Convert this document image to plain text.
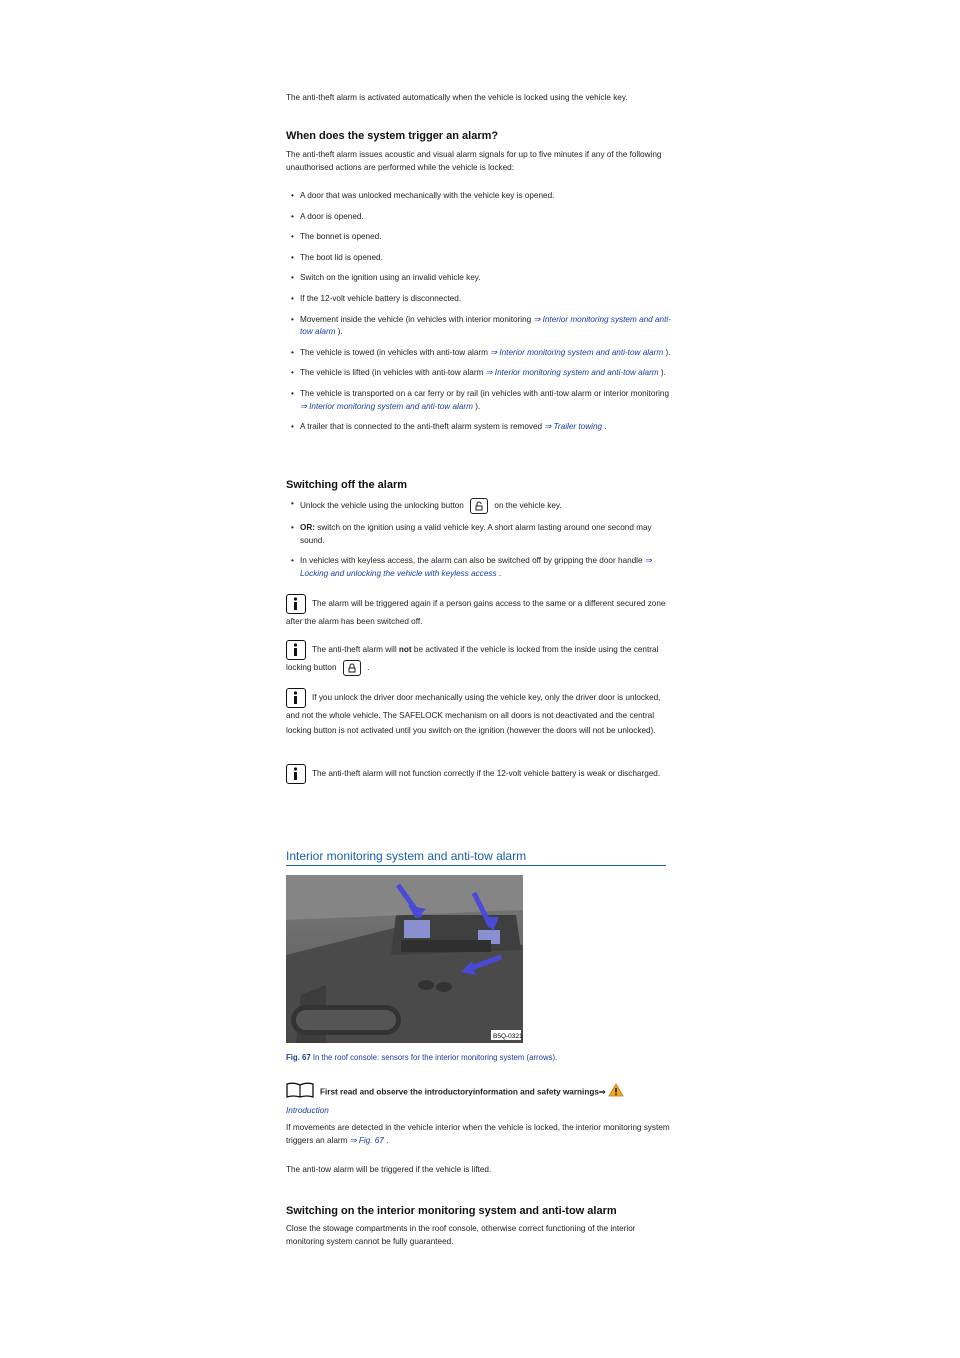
The anti-theft alarm is activated automatically when the vehicle is locked using the vehicle key.

When does the system trigger an alarm?

The anti-theft alarm issues acoustic and visual alarm signals for up to five minutes if any of the following unauthorised actions are performed while the vehicle is locked:

• A door that was unlocked mechanically with the vehicle key is opened.
• A door is opened.
• The bonnet is opened.
• The boot lid is opened.
• Switch on the ignition using an invalid vehicle key.
• If the 12-volt vehicle battery is disconnected.
• Movement inside the vehicle (in vehicles with interior monitoring ⇒ Interior monitoring system and anti-tow alarm ).
• The vehicle is towed (in vehicles with anti-tow alarm ⇒ Interior monitoring system and anti-tow alarm ).
• The vehicle is lifted (in vehicles with anti-tow alarm ⇒ Interior monitoring system and anti-tow alarm ).
• The vehicle is transported on a car ferry or by rail (in vehicles with anti-tow alarm or interior monitoring ⇒ Interior monitoring system and anti-tow alarm ).
• A trailer that is connected to the anti-theft alarm system is removed ⇒ Trailer towing .
Switching off the alarm
• Unlock the vehicle using the unlocking button	on the vehicle key.
• OR: switch on the ignition using a valid vehicle key. A short alarm lasting around one second may sound.
• In vehicles with keyless access, the alarm can also be switched off by gripping the door handle ⇒ Locking and unlocking the vehicle with keyless access .
The alarm will be triggered again if a person gains access to the same or a different secured zone after the alarm has been switched off.
The anti-theft alarm will not be activated if the vehicle is locked from the inside using the central locking button	.
If you unlock the driver door mechanically using the vehicle key, only the driver door is unlocked, and not the whole vehicle. The SAFELOCK mechanism on all doors is not deactivated and the central locking button is not activated until you switch on the ignition (however the doors will not be unlocked).
The anti-theft alarm will not function correctly if the 12-volt vehicle battery is weak or discharged.
Interior monitoring system and anti-tow alarm
B5Q-0321

Fig. 67 In the roof console: sensors for the interior monitoring system (arrows).

First read and observe the introductoryinformation and safety warnings⇒
Introduction

If movements are detected in the vehicle interior when the vehicle is locked, the interior monitoring system triggers an alarm ⇒ Fig. 67 .

The anti-tow alarm will be triggered if the vehicle is lifted.

Switching on the interior monitoring system and anti-tow alarm

Close the stowage compartments in the roof console, otherwise correct functioning of the interior monitoring system cannot be fully guaranteed.
